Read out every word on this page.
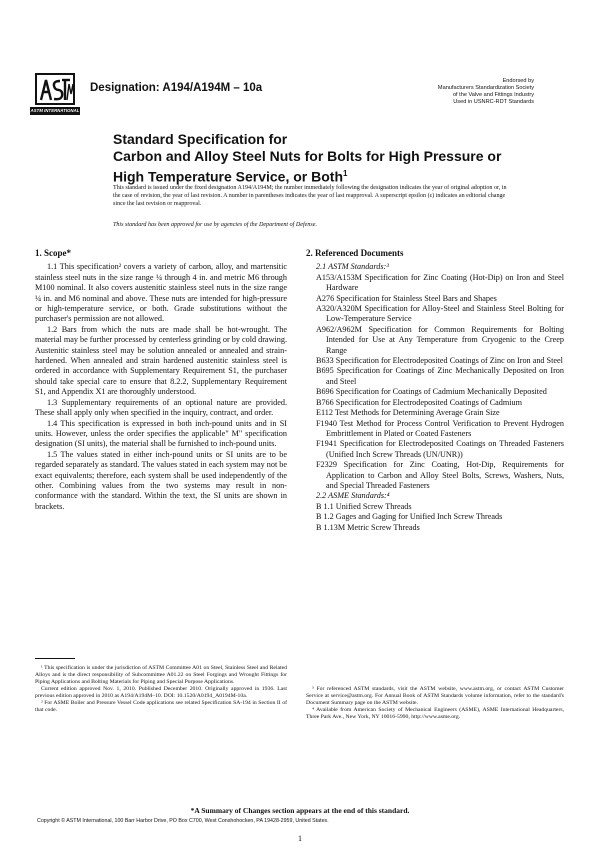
ASTM INTERNATIONAL
Designation: A194/A194M – 10a
Endorsed by
Manufacturers Standardization Society
of the Valve and Fittings Industry
Used in USNRC-RDT Standards
Standard Specification for
Carbon and Alloy Steel Nuts for Bolts for High Pressure or High Temperature Service, or Both$^1$
This standard is issued under the fixed designation A194/A194M; the number immediately following the designation indicates the year of original adoption or, in the case of revision, the year of last revision. A number in parentheses indicates the year of last reapproval. A superscript epsilon (ε) indicates an editorial change since the last revision or reapproval.
This standard has been approved for use by agencies of the Department of Defense.
1. Scope*

1.1 This specification² covers a variety of carbon, alloy, and martensitic stainless steel nuts in the size range ¼ through 4 in. and metric M6 through M100 nominal. It also covers austenitic stainless steel nuts in the size range ¼ in. and M6 nominal and above. These nuts are intended for high-pressure or high-temperature service, or both. Grade substitutions without the purchaser's permission are not allowed.

1.2 Bars from which the nuts are made shall be hot-wrought. The material may be further processed by centerless grinding or by cold drawing. Austenitic stainless steel may be solution annealed or annealed and strain-hardened. When annealed and strain hardened austenitic stainless steel is ordered in accordance with Supplementary Requirement S1, the purchaser should take special care to ensure that 8.2.2, Supplementary Requirement S1, and Appendix X1 are thoroughly understood.

1.3 Supplementary requirements of an optional nature are provided. These shall apply only when specified in the inquiry, contract, and order.

1.4 This specification is expressed in both inch-pound units and in SI units. However, unless the order specifies the applicable" M" specification designation (SI units), the material shall be furnished to inch-pound units.

1.5 The values stated in either inch-pound units or SI units are to be regarded separately as standard. The values stated in each system may not be exact equivalents; therefore, each system shall be used independently of the other. Combining values from the two systems may result in non-conformance with the standard. Within the text, the SI units are shown in brackets.

2. Referenced Documents

2.1 ASTM Standards:³

A153/A153M Specification for Zinc Coating (Hot-Dip) on Iron and Steel Hardware

A276 Specification for Stainless Steel Bars and Shapes

A320/A320M Specification for Alloy-Steel and Stainless Steel Bolting for Low-Temperature Service

A962/A962M Specification for Common Requirements for Bolting Intended for Use at Any Temperature from Cryogenic to the Creep Range

B633 Specification for Electrodeposited Coatings of Zinc on Iron and Steel

B695 Specification for Coatings of Zinc Mechanically Deposited on Iron and Steel

B696 Specification for Coatings of Cadmium Mechanically Deposited

B766 Specification for Electrodeposited Coatings of Cadmium

E112 Test Methods for Determining Average Grain Size

F1940 Test Method for Process Control Verification to Prevent Hydrogen Embrittlement in Plated or Coated Fasteners

F1941 Specification for Electrodeposited Coatings on Threaded Fasteners (Unified Inch Screw Threads (UN/UNR))

F2329 Specification for Zinc Coating, Hot-Dip, Requirements for Application to Carbon and Alloy Steel Bolts, Screws, Washers, Nuts, and Special Threaded Fasteners

2.2 ASME Standards:⁴

B 1.1 Unified Screw Threads

B 1.2 Gages and Gaging for Unified Inch Screw Threads

B 1.13M Metric Screw Threads

¹ This specification is under the jurisdiction of ASTM Committee A01 on Steel, Stainless Steel and Related Alloys and is the direct responsibility of Subcommittee A01.22 on Steel Forgings and Wrought Fittings for Piping Applications and Bolting Materials for Piping and Special Purpose Applications.

Current edition approved Nov. 1, 2010. Published December 2010. Originally approved in 1936. Last previous edition approved in 2010 as A194/A194M–10. DOI: 10.1520/A0194_A0194M-10a.

² For ASME Boiler and Pressure Vessel Code applications see related Specification SA-194 in Section II of that code.

³ For referenced ASTM standards, visit the ASTM website, www.astm.org, or contact ASTM Customer Service at service@astm.org. For Annual Book of ASTM Standards volume information, refer to the standard's Document Summary page on the ASTM website.

⁴ Available from American Society of Mechanical Engineers (ASME), ASME International Headquarters, Three Park Ave., New York, NY 10016-5990, http://www.asme.org.

*A Summary of Changes section appears at the end of this standard.
Copyright © ASTM International, 100 Barr Harbor Drive, PO Box C700, West Conshohocken, PA 19428-2959, United States.
1
